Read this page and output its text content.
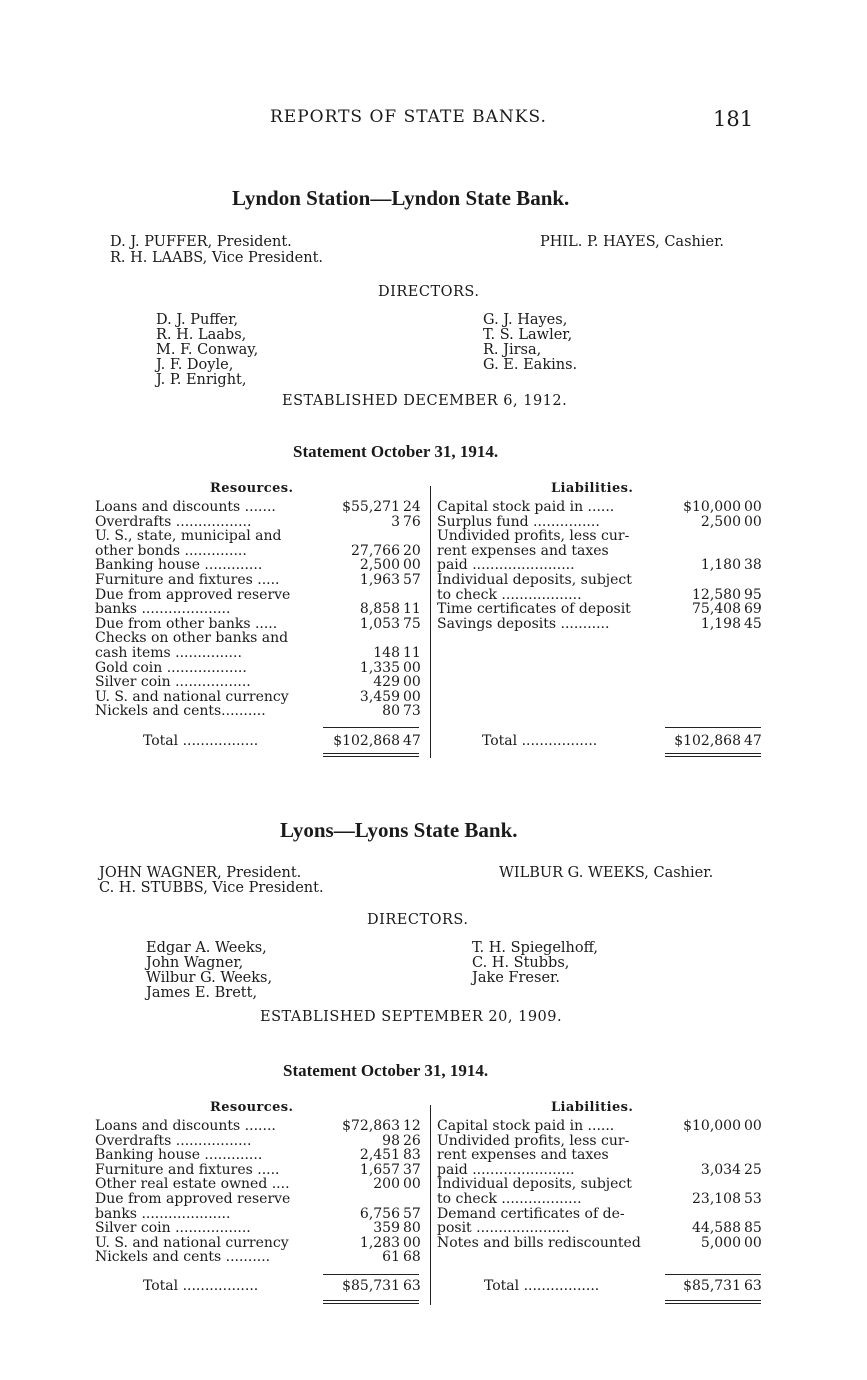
REPORTS OF STATE BANKS.	181
Lyndon Station—Lyndon State Bank.
D. J. PUFFER, President.
R. H. LAABS, Vice President.
PHIL. P. HAYES, Cashier.
DIRECTORS.
D. J. Puffer,
R. H. Laabs,
M. F. Conway,
J. F. Doyle,
J. P. Enright,
G. J. Hayes,
T. S. Lawler,
R. Jirsa,
G. E. Eakins.
ESTABLISHED DECEMBER 6, 1912.
Statement October 31, 1914.
Resources.	Liabilities.
Loans and discounts .......	$55,271 24
Overdrafts .................	3 76
U. S., state, municipal and
other bonds ..............	27,766 20
Banking house .............	2,500 00
Furniture and fixtures .....	1,963 57
Due from approved reserve
banks ....................	8,858 11
Due from other banks .....	1,053 75
Checks on other banks and
cash items ...............	148 11
Gold coin ..................	1,335 00
Silver coin .................	429 00
U. S. and national currency	3,459 00
Nickels and cents..........	80 73
Total .................	$102,868 47
Capital stock paid in ......	$10,000 00
Surplus fund ...............	2,500 00
Undivided profits, less cur-
rent expenses and taxes
paid .......................	1,180 38
Individual deposits, subject
to check ..................	12,580 95
Time certificates of deposit	75,408 69
Savings deposits ...........	1,198 45
Total .................	$102,868 47
Lyons—Lyons State Bank.
JOHN WAGNER, President.
C. H. STUBBS, Vice President.
WILBUR G. WEEKS, Cashier.
DIRECTORS.
Edgar A. Weeks,
John Wagner,
Wilbur G. Weeks,
James E. Brett,
T. H. Spiegelhoff,
C. H. Stubbs,
Jake Freser.
ESTABLISHED SEPTEMBER 20, 1909.
Statement October 31, 1914.
Resources.	Liabilities.
Loans and discounts .......	$72,863 12
Overdrafts .................	98 26
Banking house .............	2,451 83
Furniture and fixtures .....	1,657 37
Other real estate owned ....	200 00
Due from approved reserve
banks ....................	6,756 57
Silver coin .................	359 80
U. S. and national currency	1,283 00
Nickels and cents ..........	61 68
Total .................	$85,731 63
Capital stock paid in ......	$10,000 00
Undivided profits, less cur-
rent expenses and taxes
paid .......................	3,034 25
Individual deposits, subject
to check ..................	23,108 53
Demand certificates of de-
posit .....................	44,588 85
Notes and bills rediscounted	5,000 00
Total .................	$85,731 63
